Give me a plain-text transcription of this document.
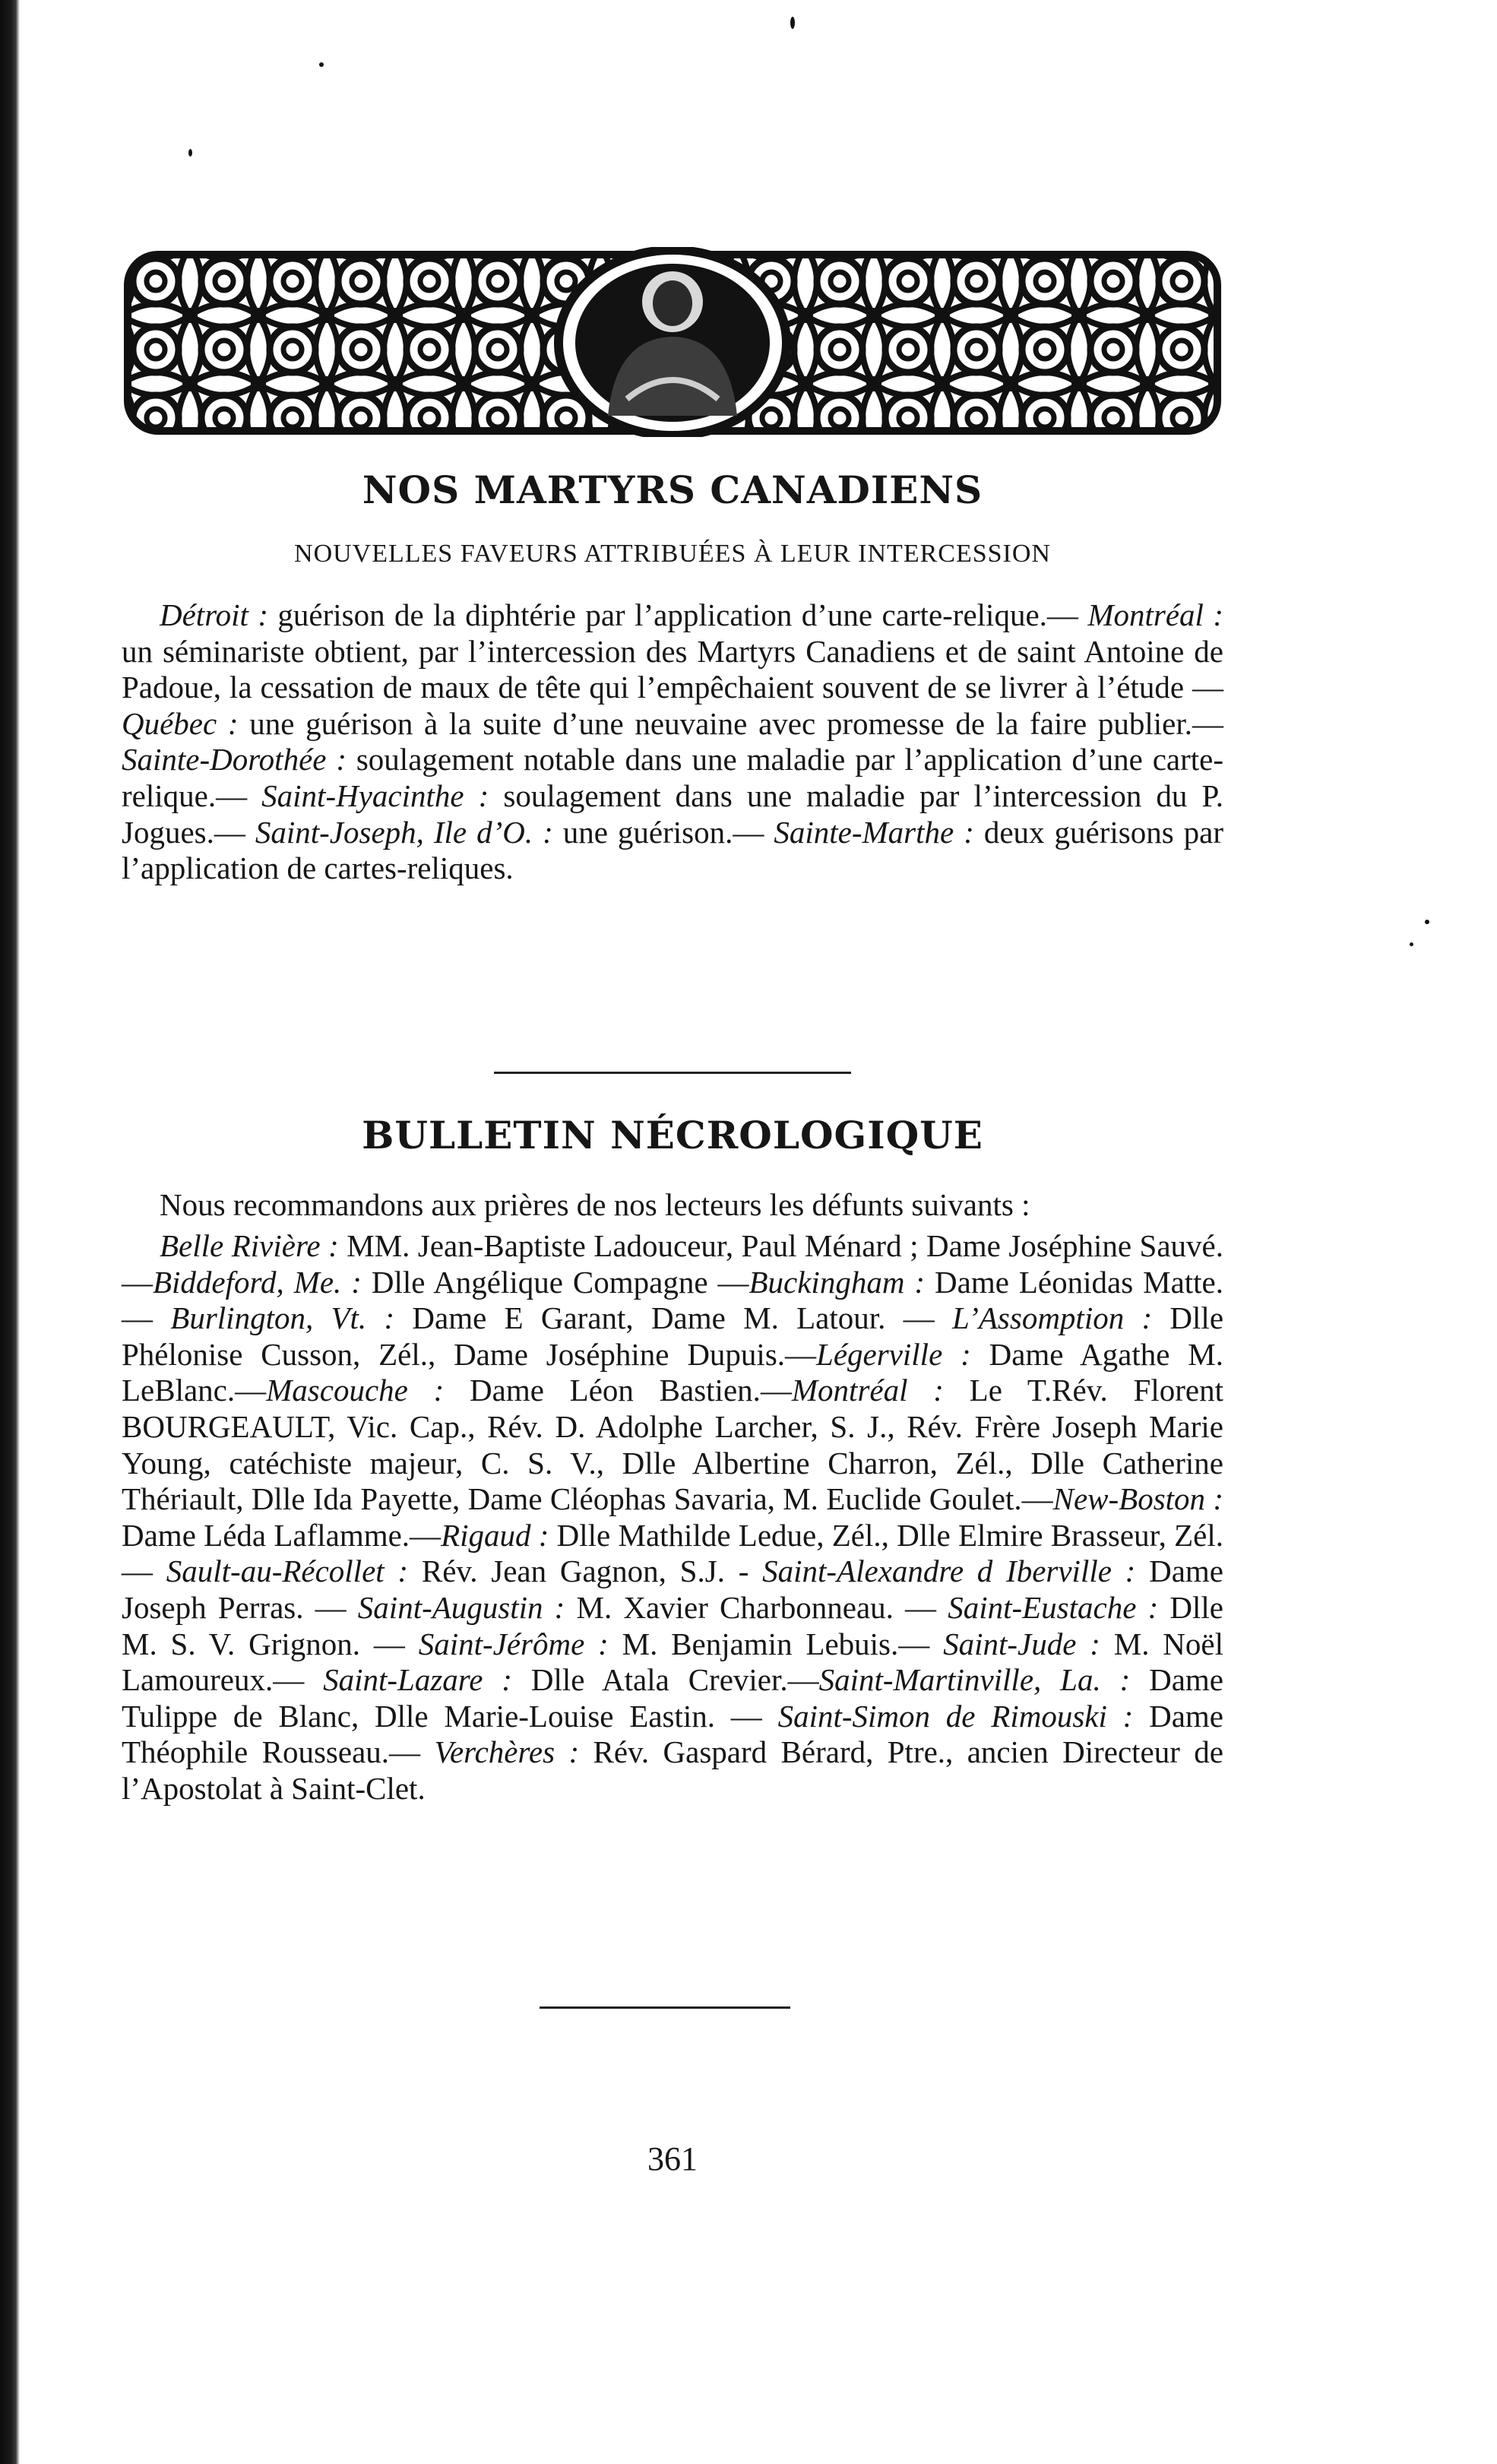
NOS MARTYRS CANADIENS
NOUVELLES FAVEURS ATTRIBUÉES À LEUR INTERCESSION
Détroit : guérison de la diphtérie par l’application d’une carte-relique.— Montréal : un séminariste obtient, par l’intercession des Martyrs Canadiens et de saint Antoine de Padoue, la cessation de maux de tête qui l’empêchaient souvent de se livrer à l’étude — Québec : une guérison à la suite d’une neuvaine avec promesse de la faire publier.— Sainte-Dorothée : soulagement notable dans une maladie par l’application d’une carte-relique.— Saint-Hyacinthe : soulagement dans une maladie par l’intercession du P. Jogues.— Saint-Joseph, Ile d’O. : une guérison.— Sainte-Marthe : deux guérisons par l’application de cartes-reliques.
BULLETIN NÉCROLOGIQUE
Nous recommandons aux prières de nos lecteurs les défunts suivants :
Belle Rivière : MM. Jean-Baptiste Ladouceur, Paul Ménard ; Dame Joséphine Sauvé.—Biddeford, Me. : Dlle Angélique Compagne —Buckingham : Dame Léonidas Matte. — Burlington, Vt. : Dame E Garant, Dame M. Latour. — L’Assomption : Dlle Phélonise Cusson, Zél., Dame Joséphine Dupuis.—Légerville : Dame Agathe M. LeBlanc.—Mascouche : Dame Léon Bastien.—Montréal : Le T.Rév. Florent BOURGEAULT, Vic. Cap., Rév. D. Adolphe Larcher, S. J., Rév. Frère Joseph Marie Young, catéchiste majeur, C. S. V., Dlle Albertine Charron, Zél., Dlle Catherine Thériault, Dlle Ida Payette, Dame Cléophas Savaria, M. Euclide Goulet.—New-Boston : Dame Léda Laflamme.—Rigaud : Dlle Mathilde Ledue, Zél., Dlle Elmire Brasseur, Zél.— Sault-au-Récollet : Rév. Jean Gagnon, S.J. - Saint-Alexandre d Iberville : Dame Joseph Perras. — Saint-Augustin : M. Xavier Charbonneau. — Saint-Eustache : Dlle M. S. V. Grignon. — Saint-Jérôme : M. Benjamin Lebuis.— Saint-Jude : M. Noël Lamoureux.— Saint-Lazare : Dlle Atala Crevier.—Saint-Martinville, La. : Dame Tulippe de Blanc, Dlle Marie-Louise Eastin. — Saint-Simon de Rimouski : Dame Théophile Rousseau.— Verchères : Rév. Gaspard Bérard, Ptre., ancien Directeur de l’Apostolat à Saint-Clet.
361
